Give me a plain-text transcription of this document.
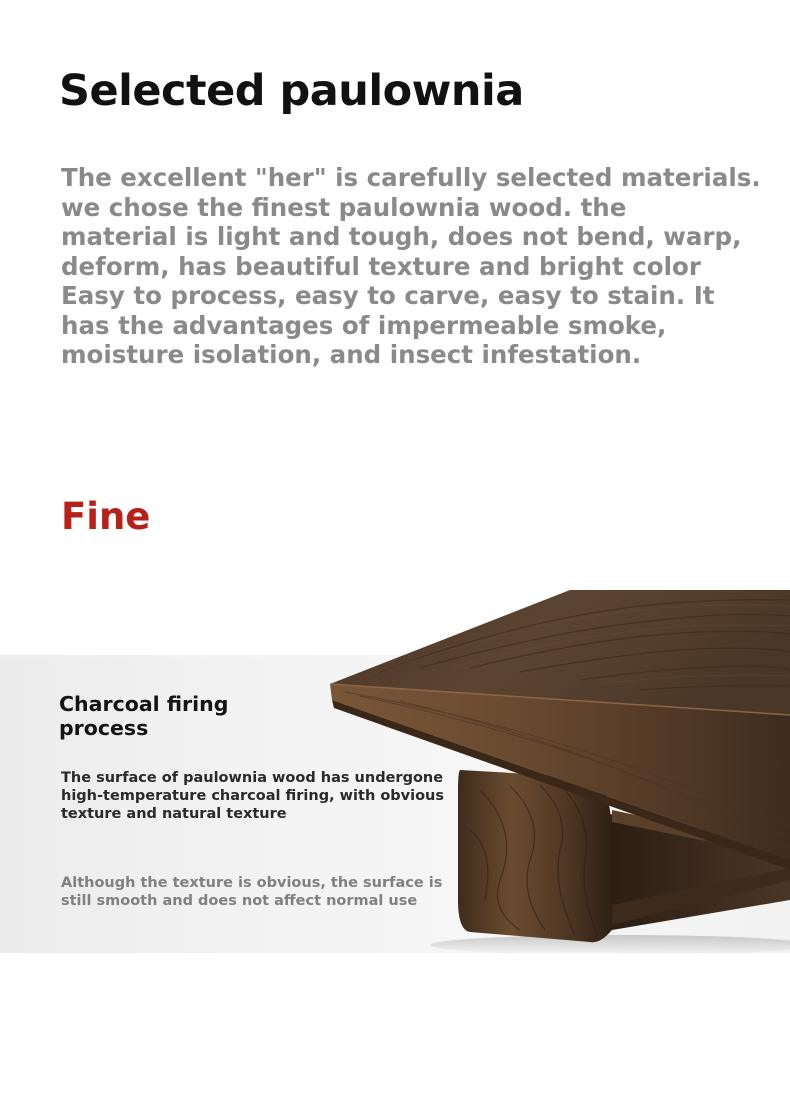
Selected paulownia
The excellent "her" is carefully selected materials.
we chose the finest paulownia wood. the
material is light and tough, does not bend, warp,
deform, has beautiful texture and bright color
Easy to process, easy to carve, easy to stain. It
has the advantages of impermeable smoke,
moisture isolation, and insect infestation.
Fine
Charcoal firing
process
The surface of paulownia wood has undergone
high-temperature charcoal firing, with obvious
texture and natural texture
Although the texture is obvious, the surface is
still smooth and does not affect normal use
